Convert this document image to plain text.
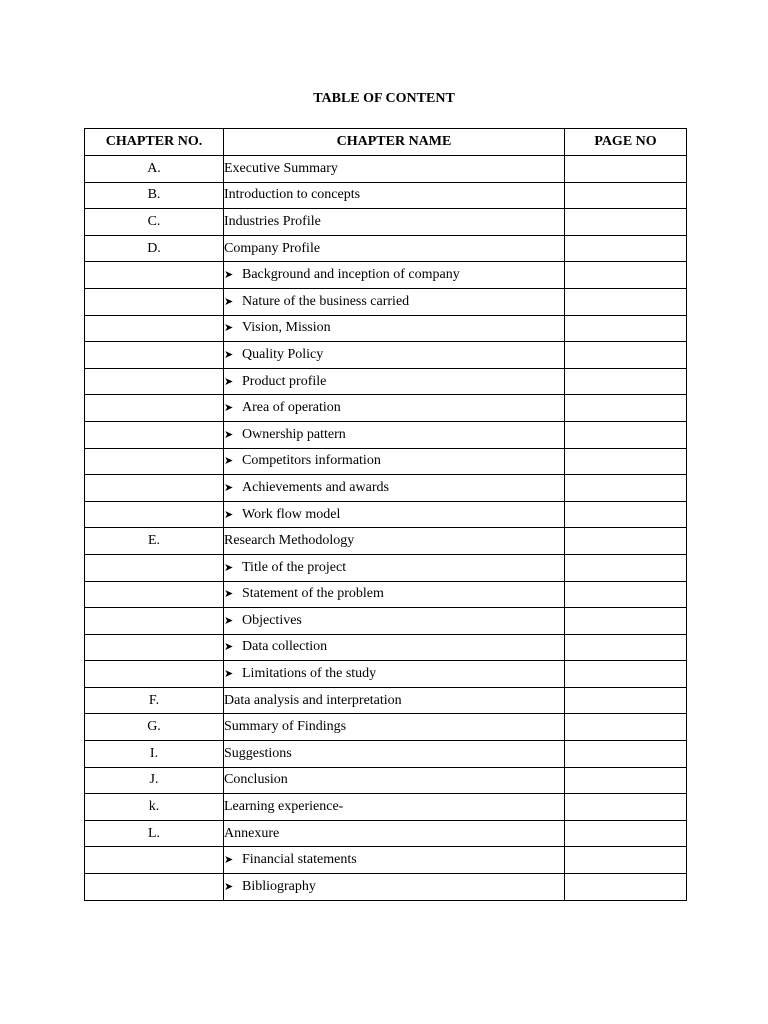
TABLE OF CONTENT
CHAPTER NO.	CHAPTER NAME	PAGE NO
A.	Executive Summary	
B.	Introduction to concepts	
C.	Industries Profile	
D.	Company Profile	
	➤ Background and inception of company	
	➤ Nature of the business carried	
	➤ Vision, Mission	
	➤ Quality Policy	
	➤ Product profile	
	➤ Area of operation	
	➤ Ownership pattern	
	➤ Competitors information	
	➤ Achievements and awards	
	➤ Work flow model	
E.	Research Methodology	
	➤ Title of the project	
	➤ Statement of the problem	
	➤ Objectives	
	➤ Data collection	
	➤ Limitations of the study	
F.	Data analysis and interpretation	
G.	Summary of Findings	
I.	Suggestions	
J.	Conclusion	
k.	Learning experience-	
L.	Annexure	
	➤ Financial statements	
	➤ Bibliography	
